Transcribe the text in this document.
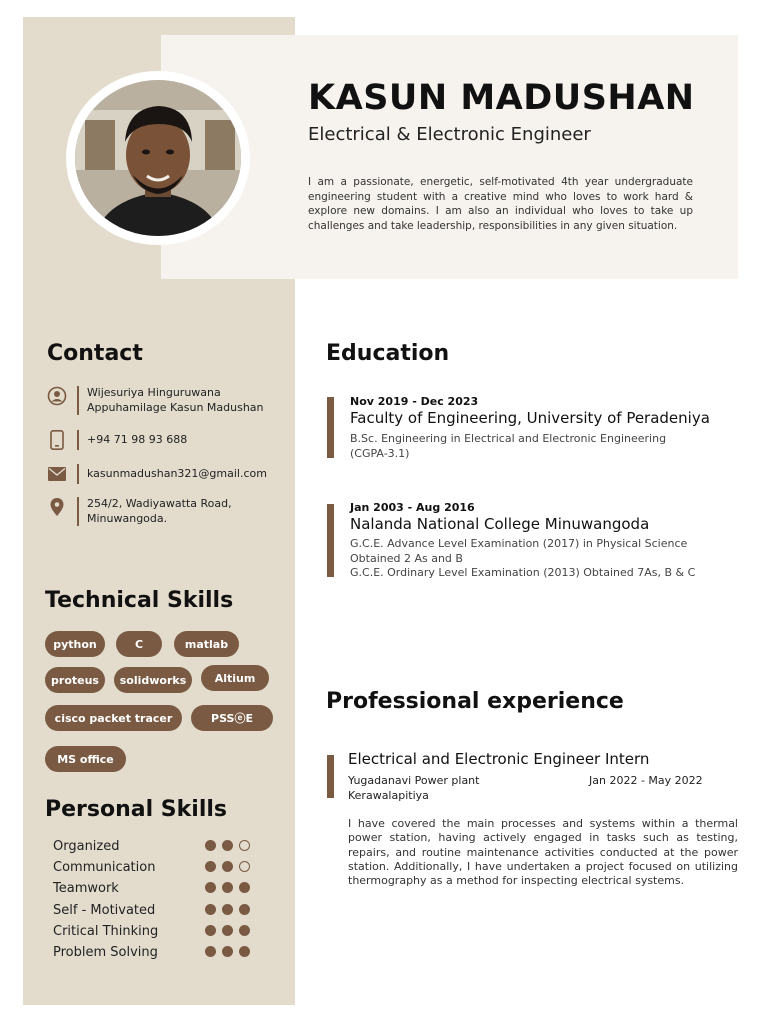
KASUN MADUSHAN

Electrical & Electronic Engineer

I am a passionate, energetic, self-motivated 4th year undergraduate engineering student with a creative mind who loves to work hard & explore new domains. I am also an individual who loves to take up challenges and take leadership, responsibilities in any given situation.

Contact
Wijesuriya Hinguruwana
Appuhamilage Kasun Madushan
+94 71 98 93 688
kasunmadushan321@gmail.com
254/2, Wadiyawatta Road,
Minuwangoda.
Technical Skills
python	C	matlab
proteus	solidworks	Altium
cisco packet tracer	PSSⓔE
MS office
Personal Skills
Organized
Communication
Teamwork
Self - Motivated
Critical Thinking
Problem Solving
Education
Nov 2019 - Dec 2023
Faculty of Engineering, University of Peradeniya
B.Sc. Engineering in Electrical and Electronic Engineering
(CGPA-3.1)
Jan 2003 - Aug 2016
Nalanda National College Minuwangoda
G.C.E. Advance Level Examination (2017) in Physical Science
Obtained 2 As and B
G.C.E. Ordinary Level Examination (2013) Obtained 7As, B & C
Professional experience
Electrical and Electronic Engineer Intern
Yugadanavi Power plant
Kerawalapitiya
Jan 2022 - May 2022

I have covered the main processes and systems within a thermal power station, having actively engaged in tasks such as testing, repairs, and routine maintenance activities conducted at the power station. Additionally, I have undertaken a project focused on utilizing thermography as a method for inspecting electrical systems.
